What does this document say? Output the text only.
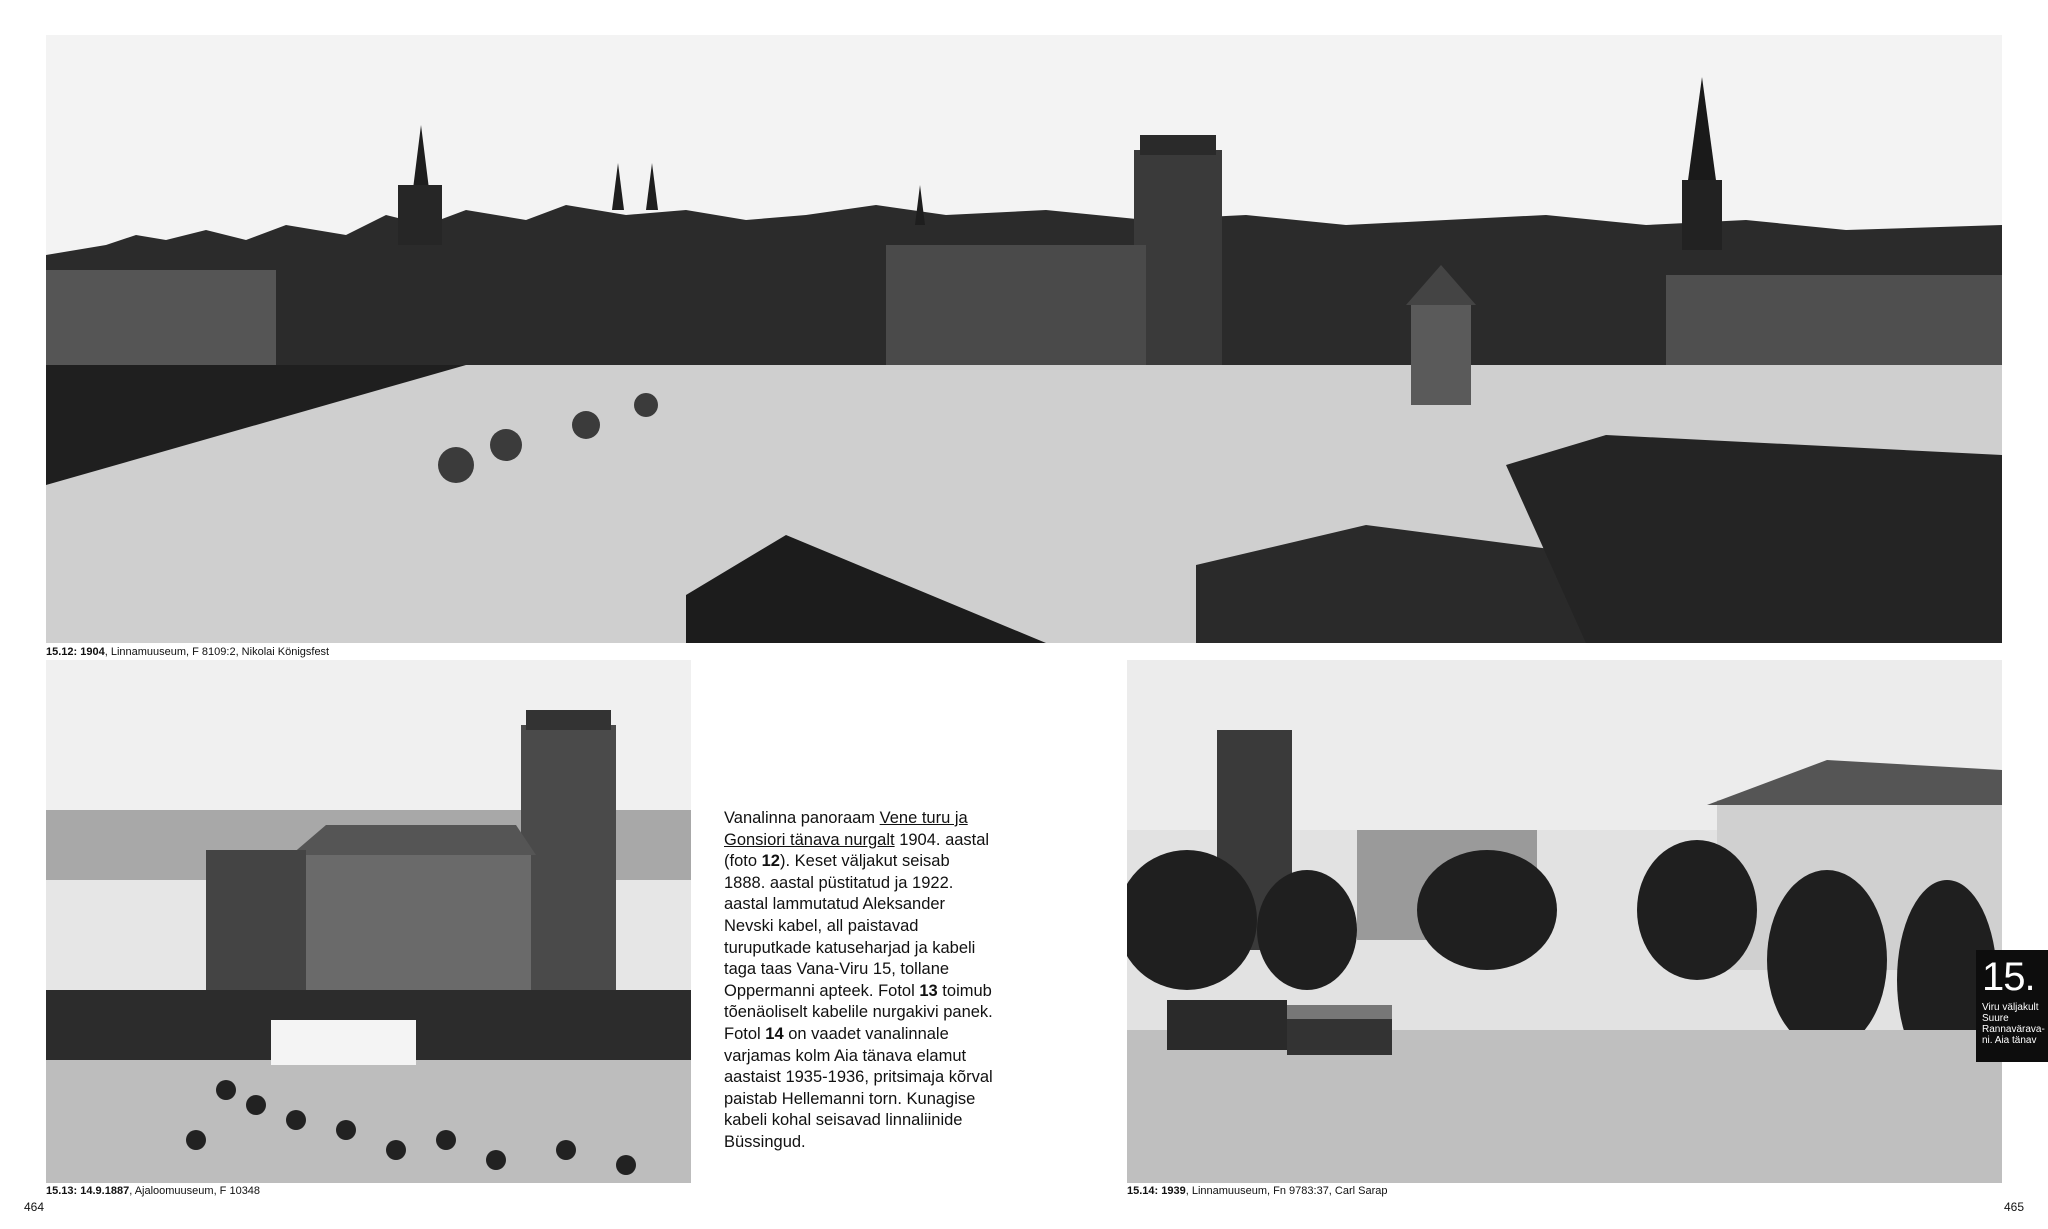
15.12: 1904, Linnamuuseum, F 8109:2, Nikolai Königsfest
15.13: 14.9.1887, Ajaloomuuseum, F 10348	15.14: 1939, Linnamuuseum, Fn 9783:37, Carl Sarap
Vanalinna panoraam Vene turu ja Gonsiori tänava nurgalt 1904. aastal (foto 12). Keset väljakut seisab 1888. aastal püstitatud ja 1922. aastal lammutatud Aleksander Nevski kabel, all paistavad turuputkade katuseharjad ja kabeli taga taas Vana-Viru 15, tollane Oppermanni apteek. Fotol 13 toimub tõenäoliselt kabelile nurgakivi panek. Fotol 14 on vaadet vanalinnale varjamas kolm Aia tänava elamut aastaist 1935-1936, pritsimaja kõrval paistab Hellemanni torn. Kunagise kabeli kohal seisavad linnaliinide Büssingud.
15.
Viru väljakult Suure Rannavärava- ni. Aia tänav
464	465
